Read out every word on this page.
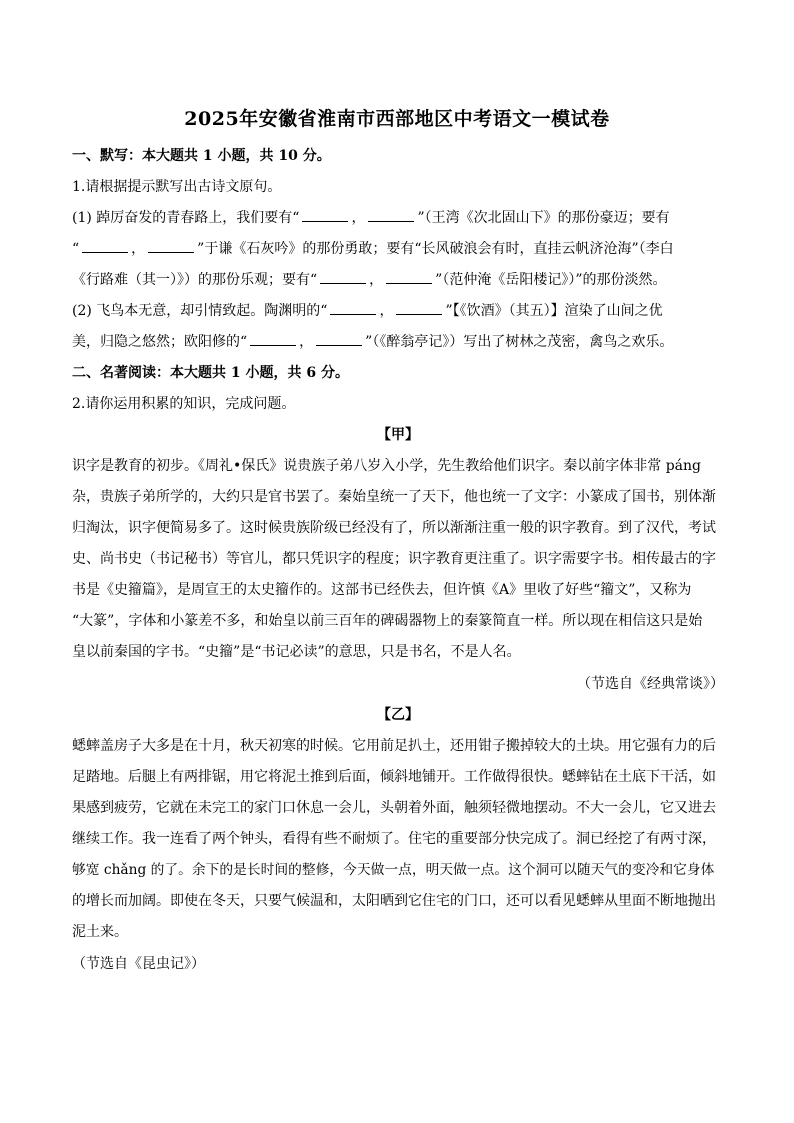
2025年安徽省淮南市西部地区中考语文一模试卷
一、默写：本大题共 1 小题，共 10 分。
1.请根据提示默写出古诗文原句。
(1) 踔厉奋发的青春路上，我们要有“	，	”（王湾《次北固山下》的那份豪迈；要有
“	，	”于谦《石灰吟》的那份勇敢；要有“长风破浪会有时，直挂云帆济沧海”（李白
《行路难（其一）》）的那份乐观；要有“	，	”（范仲淹《岳阳楼记》）”的那份淡然。
(2) 飞鸟本无意，却引情致起。陶渊明的“	，	”【《饮酒》（其五）】渲染了山间之优
美，归隐之悠然；欧阳修的“	，	”（《醉翁亭记》）写出了树林之茂密，禽鸟之欢乐。
二、名著阅读：本大题共 1 小题，共 6 分。
2.请你运用积累的知识，完成问题。
【甲】
识字是教育的初步。《周礼•保氏》说贵族子弟八岁入小学，先生教给他们识字。秦以前字体非常 páng
杂，贵族子弟所学的，大约只是官书罢了。秦始皇统一了天下，他也统一了文字：小篆成了国书，别体渐
归淘汰，识字便简易多了。这时候贵族阶级已经没有了，所以渐渐注重一般的识字教育。到了汉代，考试
史、尚书史（书记秘书）等官儿，都只凭识字的程度；识字教育更注重了。识字需要字书。相传最古的字
书是《史籀篇》，是周宣王的太史籀作的。这部书已经佚去，但许慎《A》里收了好些“籀文”，又称为
“大篆”，字体和小篆差不多，和始皇以前三百年的碑碣器物上的秦篆简直一样。所以现在相信这只是始
皇以前秦国的字书。“史籀”是“书记必读”的意思，只是书名，不是人名。
（节选自《经典常谈》）
【乙】
蟋蟀盖房子大多是在十月，秋天初寒的时候。它用前足扒土，还用钳子搬掉较大的土块。用它强有力的后
足踏地。后腿上有两排锯，用它将泥土推到后面，倾斜地铺开。工作做得很快。蟋蟀钻在土底下干活，如
果感到疲劳，它就在未完工的家门口休息一会儿，头朝着外面，触须轻微地摆动。不大一会儿，它又进去
继续工作。我一连看了两个钟头，看得有些不耐烦了。住宅的重要部分快完成了。洞已经挖了有两寸深，
够宽 chǎng 的了。余下的是长时间的整修，今天做一点，明天做一点。这个洞可以随天气的变冷和它身体
的增长而加阔。即使在冬天，只要气候温和，太阳晒到它住宅的门口，还可以看见蟋蟀从里面不断地抛出
泥土来。
（节选自《昆虫记》）
